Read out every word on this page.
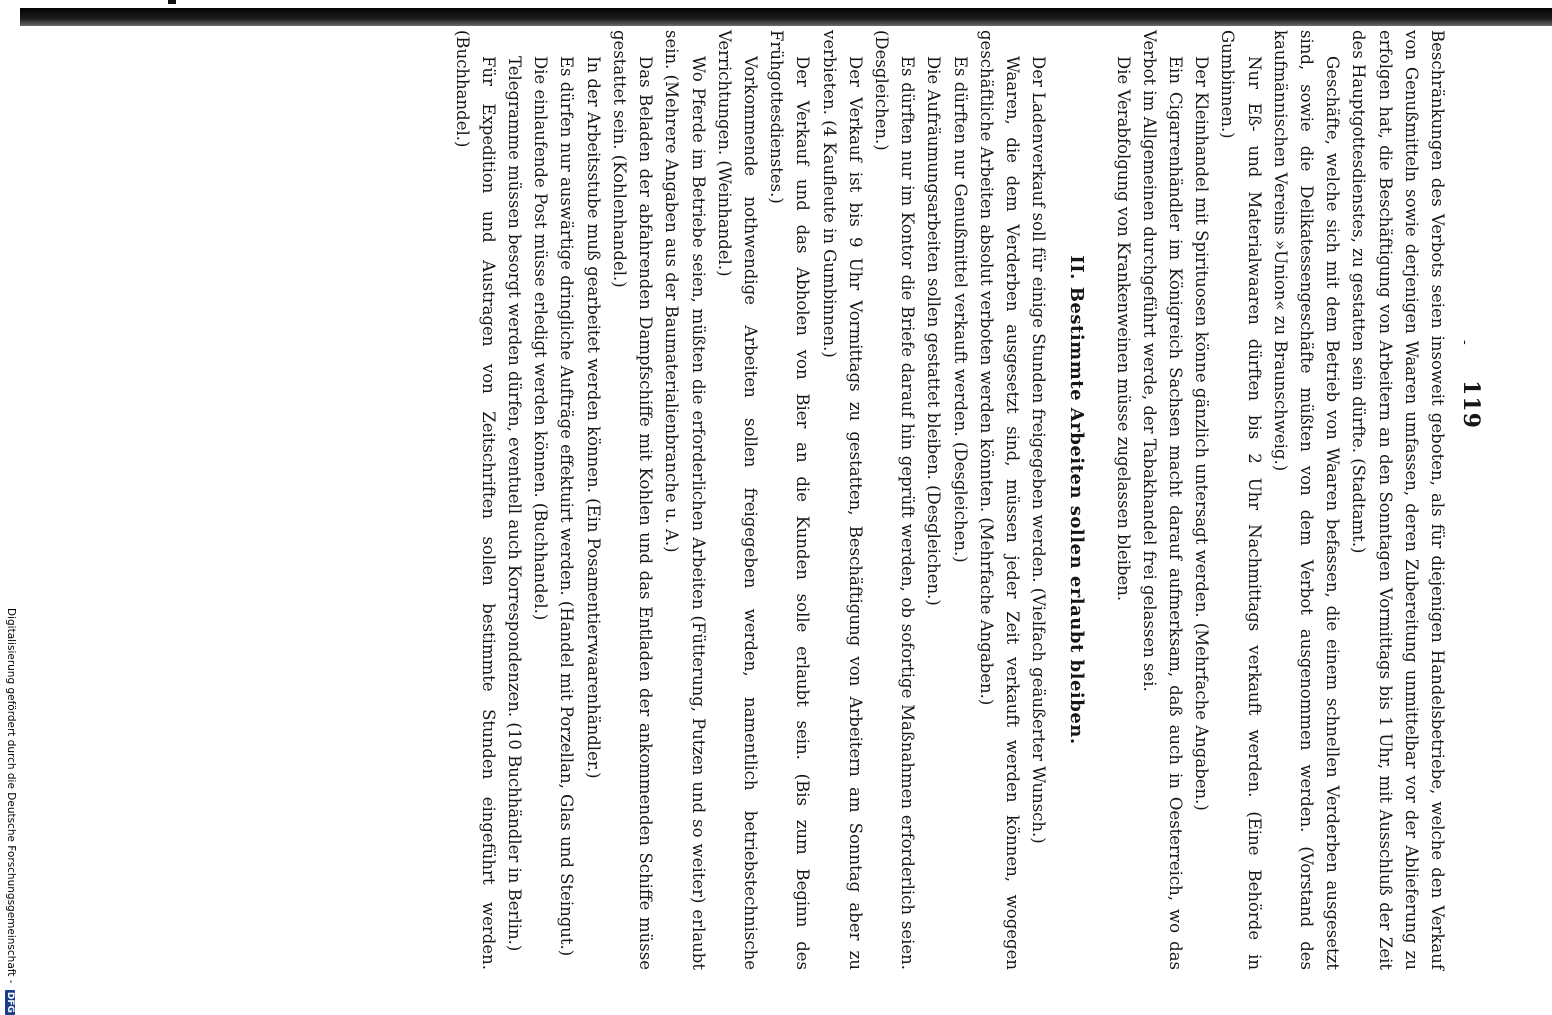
-
119

Beschränkungen des Verbots seien insoweit geboten, als für diejenigen Handelsbetriebe, welche den Verkauf von Genußmitteln sowie derjenigen Waaren umfassen, deren Zubereitung unmittelbar vor der Ablieferung zu erfolgen hat, die Beschäftigung von Arbeitern an den Sonntagen Vormittags bis 1 Uhr, mit Ausschluß der Zeit des Hauptgottesdienstes, zu gestatten sein dürfte. (Stadtamt.)

Geschäfte, welche sich mit dem Betrieb von Waaren befassen, die einem schnellen Verderben ausgesetzt sind, sowie die Delikatessengeschäfte müßten von dem Verbot ausgenommen werden. (Vorstand des kaufmännischen Vereins »Union« zu Braunschweig.)

Nur Eß- und Materialwaaren dürften bis 2 Uhr Nachmittags verkauft werden. (Eine Behörde in Gumbinnen.)

Der Kleinhandel mit Spirituosen könne gänzlich untersagt werden. (Mehrfache Angaben.)

Ein Cigarrenhändler im Königreich Sachsen macht darauf aufmerksam, daß auch in Oesterreich, wo das Verbot im Allgemeinen durchgeführt werde, der Tabakhandel frei gelassen sei.

Die Verabfolgung von Krankenweinen müsse zugelassen bleiben.

II. Bestimmte Arbeiten sollen erlaubt bleiben.

Der Ladenverkauf soll für einige Stunden freigegeben werden. (Vielfach geäußerter Wunsch.)

Waaren, die dem Verderben ausgesetzt sind, müssen jeder Zeit verkauft werden können, wogegen geschäftliche Arbeiten absolut verboten werden könnten. (Mehrfache Angaben.)

Es dürften nur Genußmittel verkauft werden. (Desgleichen.)

Die Aufräumungsarbeiten sollen gestattet bleiben. (Desgleichen.)

Es dürften nur im Kontor die Briefe darauf hin geprüft werden, ob sofortige Maßnahmen erforderlich seien. (Desgleichen.)

Der Verkauf ist bis 9 Uhr Vormittags zu gestatten, Beschäftigung von Arbeitern am Sonntag aber zu verbieten. (4 Kaufleute in Gumbinnen.)

Der Verkauf und das Abholen von Bier an die Kunden solle erlaubt sein. (Bis zum Beginn des Frühgottesdienstes.)

Vorkommende nothwendige Arbeiten sollen freigegeben werden, namentlich betriebstechnische Verrichtungen. (Weinhandel.)

Wo Pferde im Betriebe seien, müßten die erforderlichen Arbeiten (Fütterung, Putzen und so weiter) erlaubt sein. (Mehrere Angaben aus der Baumaterialienbranche u. A.)

Das Beladen der abfahrenden Dampfschiffe mit Kohlen und das Entladen der ankommenden Schiffe müsse gestattet sein. (Kohlenhandel.)

In der Arbeitsstube muß gearbeitet werden können. (Ein Posamentierwaarenhändler.)

Es dürfen nur auswärtige dringliche Aufträge effektuirt werden. (Handel mit Porzellan, Glas und Steingut.)

Die einlaufende Post müsse erledigt werden können. (Buchhandel.)

Telegramme müssen besorgt werden dürfen, eventuell auch Korrespondenzen. (10 Buchhändler in Berlin.)

Für Expedition und Austragen von Zeitschriften sollen bestimmte Stunden eingeführt werden. (Buchhandel.)

Digitalisierung gefördert durch die Deutsche Forschungsgemeinschaft - DFG
